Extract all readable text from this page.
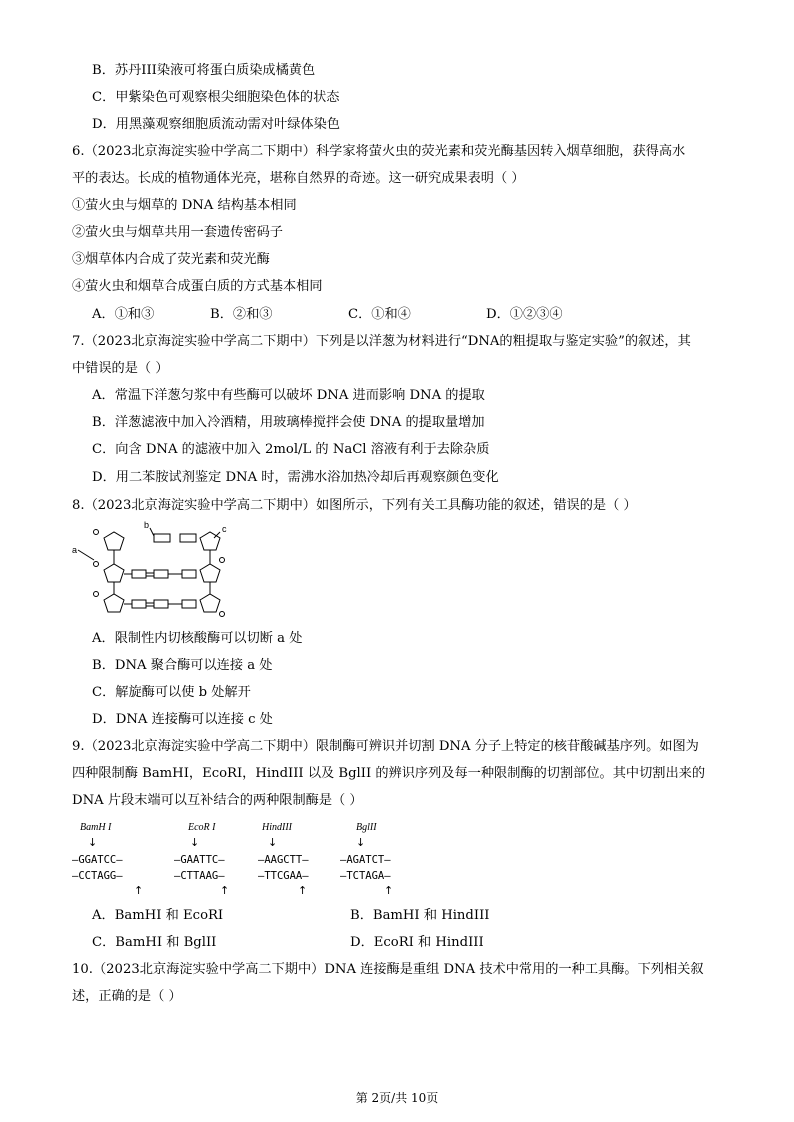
B．苏丹III染液可将蛋白质染成橘黄色
C．甲紫染色可观察根尖细胞染色体的状态
D．用黑藻观察细胞质流动需对叶绿体染色
6.（2023北京海淀实验中学高二下期中）科学家将萤火虫的荧光素和荧光酶基因转入烟草细胞，获得高水
平的表达。长成的植物通体光亮，堪称自然界的奇迹。这一研究成果表明（ ）
①萤火虫与烟草的 DNA 结构基本相同
②萤火虫与烟草共用一套遗传密码子
③烟草体内合成了荧光素和荧光酶
④萤火虫和烟草合成蛋白质的方式基本相同
A．①和③	B．②和③	C．①和④	D．①②③④
7.（2023北京海淀实验中学高二下期中）下列是以洋葱为材料进行“DNA的粗提取与鉴定实验”的叙述，其
中错误的是（ ）
A．常温下洋葱匀浆中有些酶可以破坏 DNA 进而影响 DNA 的提取
B．洋葱滤液中加入冷酒精，用玻璃棒搅拌会使 DNA 的提取量增加
C．向含 DNA 的滤液中加入 2mol/L 的 NaCl 溶液有利于去除杂质
D．用二苯胺试剂鉴定 DNA 时，需沸水浴加热冷却后再观察颜色变化
8.（2023北京海淀实验中学高二下期中）如图所示，下列有关工具酶功能的叙述，错误的是（ ）
a
b	c
A．限制性内切核酸酶可以切断 a 处
B．DNA 聚合酶可以连接 a 处
C．解旋酶可以使 b 处解开
D．DNA 连接酶可以连接 c 处
9.（2023北京海淀实验中学高二下期中）限制酶可辨识并切割 DNA 分子上特定的核苷酸碱基序列。如图为
四种限制酶 BamHI，EcoRI，HindIII 以及 BglII 的辨识序列及每一种限制酶的切割部位。其中切割出来的
DNA 片段末端可以互补结合的两种限制酶是（ ）
BamH I	EcoR I	HindIII	BglII
↓	↓	↓	↓
—GGATCC—	—GAATTC—	—AAGCTT—	—AGATCT—
—CCTAGG—	—CTTAAG—	—TTCGAA—	—TCTAGA—
↑	↑	↑	↑
A．BamHI 和 EcoRI	B．BamHI 和 HindIII
C．BamHI 和 BglII	D．EcoRI 和 HindIII
10.（2023北京海淀实验中学高二下期中）DNA 连接酶是重组 DNA 技术中常用的一种工具酶。下列相关叙
述，正确的是（ ）
第 2页/共 10页
